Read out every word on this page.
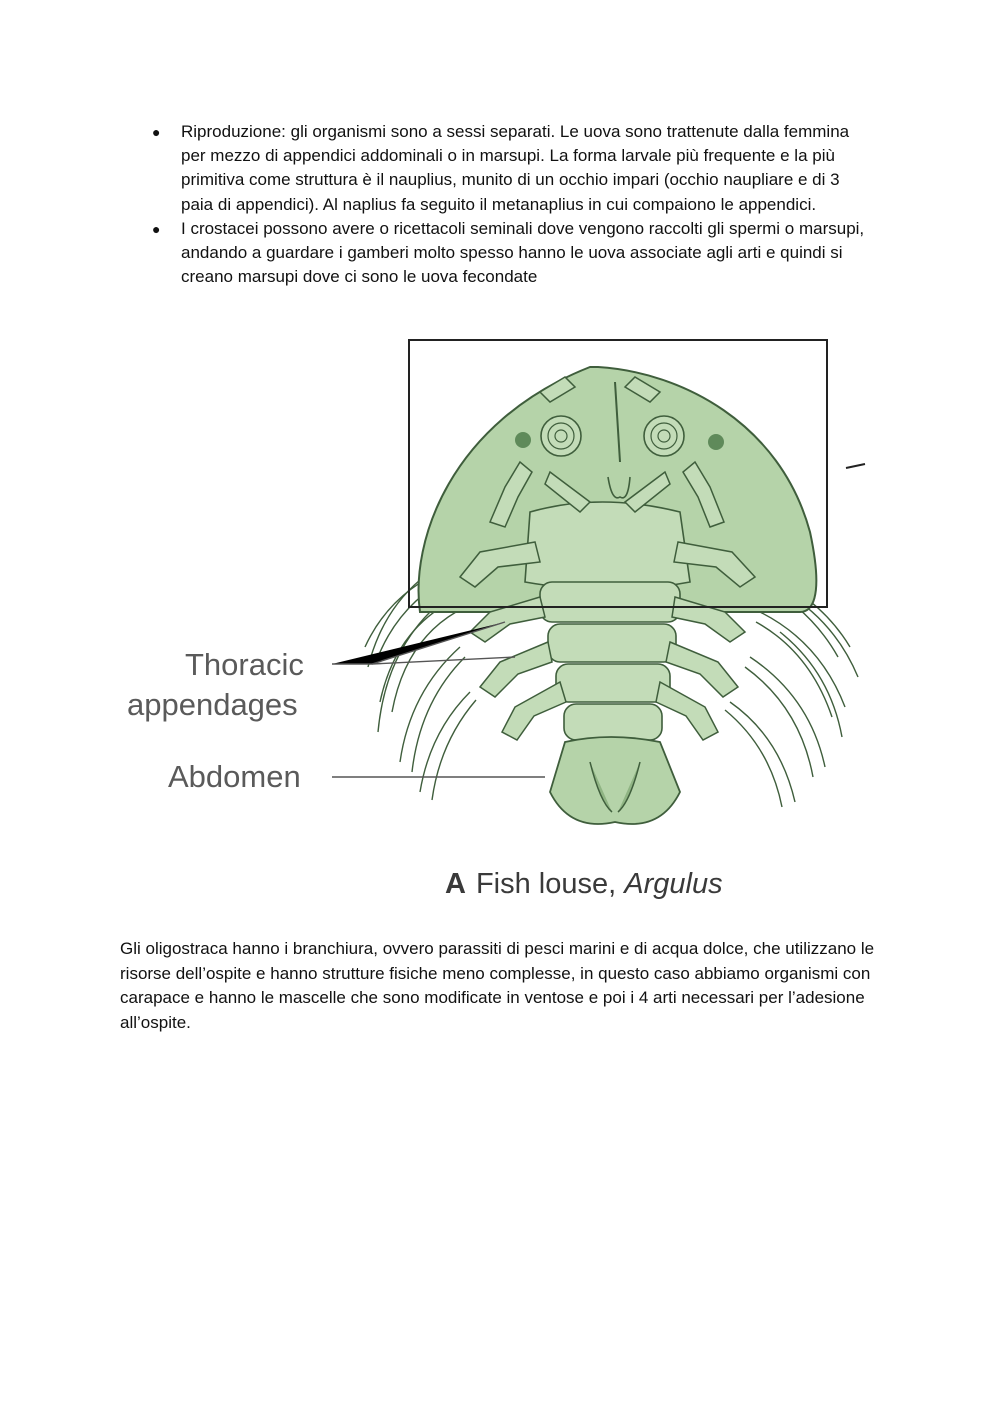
● Riproduzione: gli organismi sono a sessi separati. Le uova sono trattenute dalla femmina per mezzo di appendici addominali o in marsupi. La forma larvale più frequente e la più primitiva come struttura è il nauplius, munito di un occhio impari (occhio naupliare e di 3 paia di appendici). Al naplius fa seguito il metanaplius in cui compaiono le appendici.
● I crostacei possono avere o ricettacoli seminali dove vengono raccolti gli spermi o marsupi, andando a guardare i gamberi molto spesso hanno le uova associate agli arti e quindi si creano marsupi dove ci sono le uova fecondate
Thoracic
appendages
Abdomen
A Fish louse, Argulus

Gli oligostraca hanno i branchiura, ovvero parassiti di pesci marini e di acqua dolce, che utilizzano le risorse dell’ospite e hanno strutture fisiche meno complesse, in questo caso abbiamo organismi con carapace e hanno le mascelle che sono modificate in ventose e poi i 4 arti necessari per l’adesione all’ospite.
